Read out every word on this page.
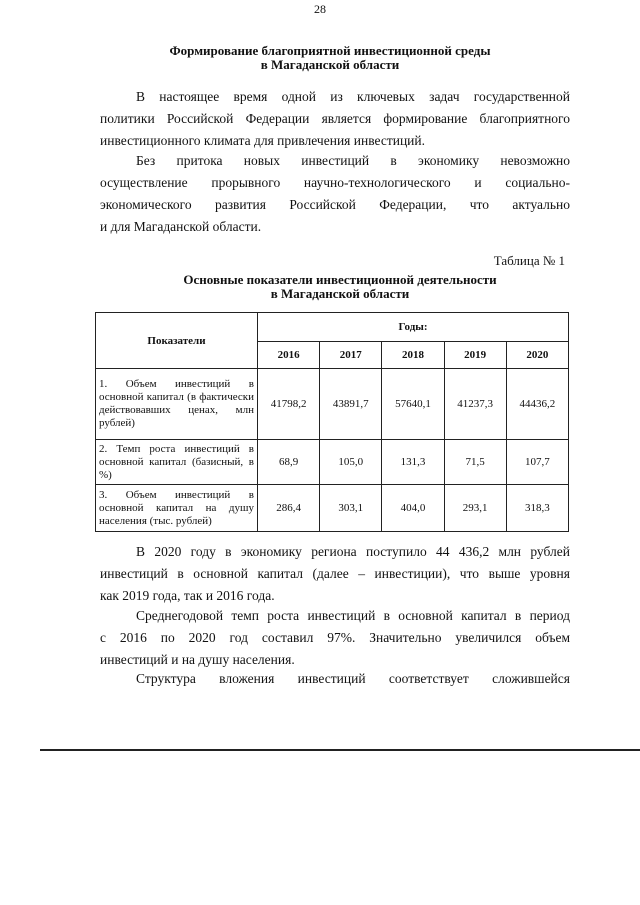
28
Формирование благоприятной инвестиционной среды
в Магаданской области
В настоящее время одной из ключевых задач государственной
политики Российской Федерации является формирование благоприятного
инвестиционного климата для привлечения инвестиций.
Без притока новых инвестиций в экономику невозможно
осуществление прорывного научно-технологического и социально-
экономического развития Российской Федерации, что актуально
и для Магаданской области.
Таблица № 1
Основные показатели инвестиционной деятельности
в Магаданской области
Показатели	Годы:				
	2016	2017	2018	2019	2020
1. Объем инвестиций в основной капитал (в фактически действовавших ценах, млн рублей)	41798,2	43891,7	57640,1	41237,3	44436,2
2. Темп роста инвестиций в основной капитал (базисный, в %)	68,9	105,0	131,3	71,5	107,7
3. Объем инвестиций в основной капитал на душу населения (тыс. рублей)	286,4	303,1	404,0	293,1	318,3
В 2020 году в экономику региона поступило 44 436,2 млн рублей
инвестиций в основной капитал (далее – инвестиции), что выше уровня
как 2019 года, так и 2016 года.
Среднегодовой темп роста инвестиций в основной капитал в период
с 2016 по 2020 год составил 97%. Значительно увеличился объем
инвестиций и на душу населения.
Структура вложения инвестиций соответствует сложившейся
